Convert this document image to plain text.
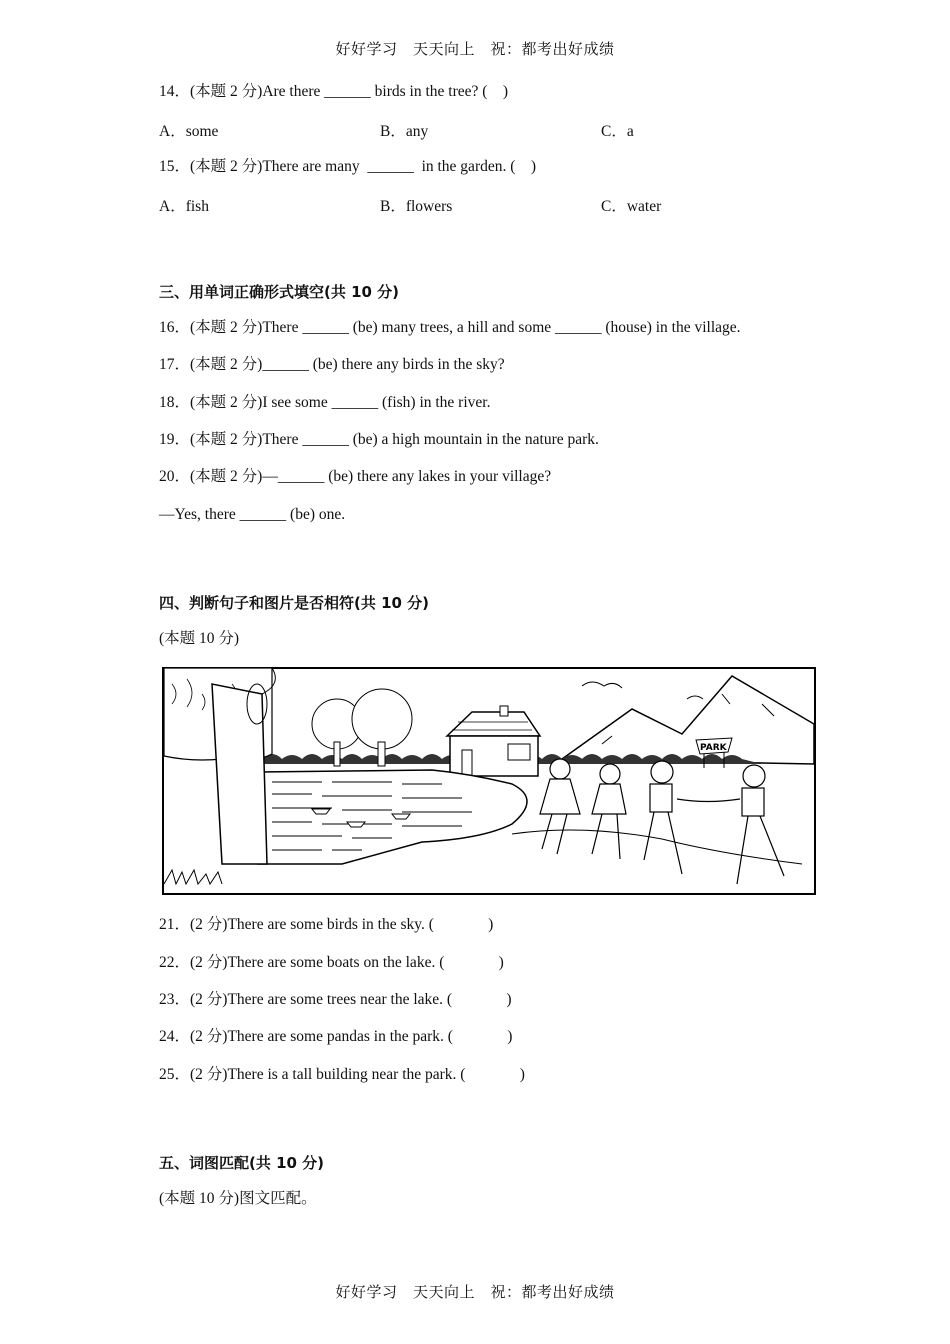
好好学习　天天向上　祝：都考出好成绩
14．(本题 2 分)Are there ______ birds in the tree? (    )
A．some	B．any	C．a
15．(本题 2 分)There are many  ______  in the garden. (    )
A．fish	B．flowers	C．water
三、用单词正确形式填空(共 10 分)
16．(本题 2 分)There ______ (be) many trees, a hill and some ______ (house) in the village.
17．(本题 2 分)______ (be) there any birds in the sky?
18．(本题 2 分)I see some ______ (fish) in the river.
19．(本题 2 分)There ______ (be) a high mountain in the nature park.
20．(本题 2 分)—______ (be) there any lakes in your village?
—Yes, there ______ (be) one.
四、判断句子和图片是否相符(共 10 分)
(本题 10 分)
PARK
21．(2 分)There are some birds in the sky. (              )
22．(2 分)There are some boats on the lake. (              )
23．(2 分)There are some trees near the lake. (              )
24．(2 分)There are some pandas in the park. (              )
25．(2 分)There is a tall building near the park. (              )
五、词图匹配(共 10 分)
(本题 10 分)图文匹配。
好好学习　天天向上　祝：都考出好成绩
